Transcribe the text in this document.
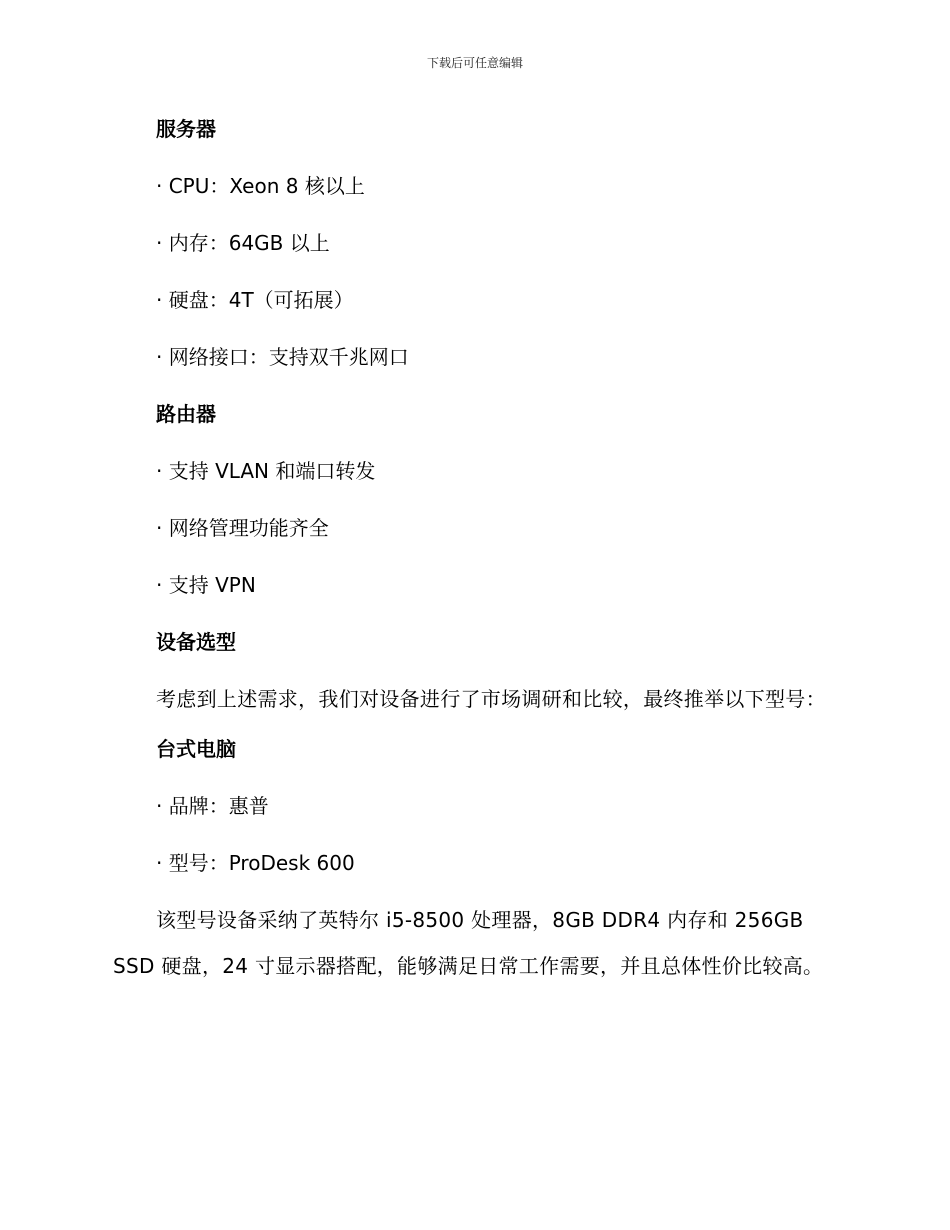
下载后可任意编辑
服务器
· CPU：Xeon 8 核以上
· 内存：64GB 以上
· 硬盘：4T（可拓展）
· 网络接口：支持双千兆网口
路由器
· 支持 VLAN 和端口转发
· 网络管理功能齐全
· 支持 VPN
设备选型
考虑到上述需求，我们对设备进行了市场调研和比较，最终推举以下型号：
台式电脑
· 品牌：惠普
· 型号：ProDesk 600
该型号设备采纳了英特尔 i5-8500 处理器，8GB DDR4 内存和 256GB SSD 硬盘，24 寸显示器搭配，能够满足日常工作需要，并且总体性价比较高。
